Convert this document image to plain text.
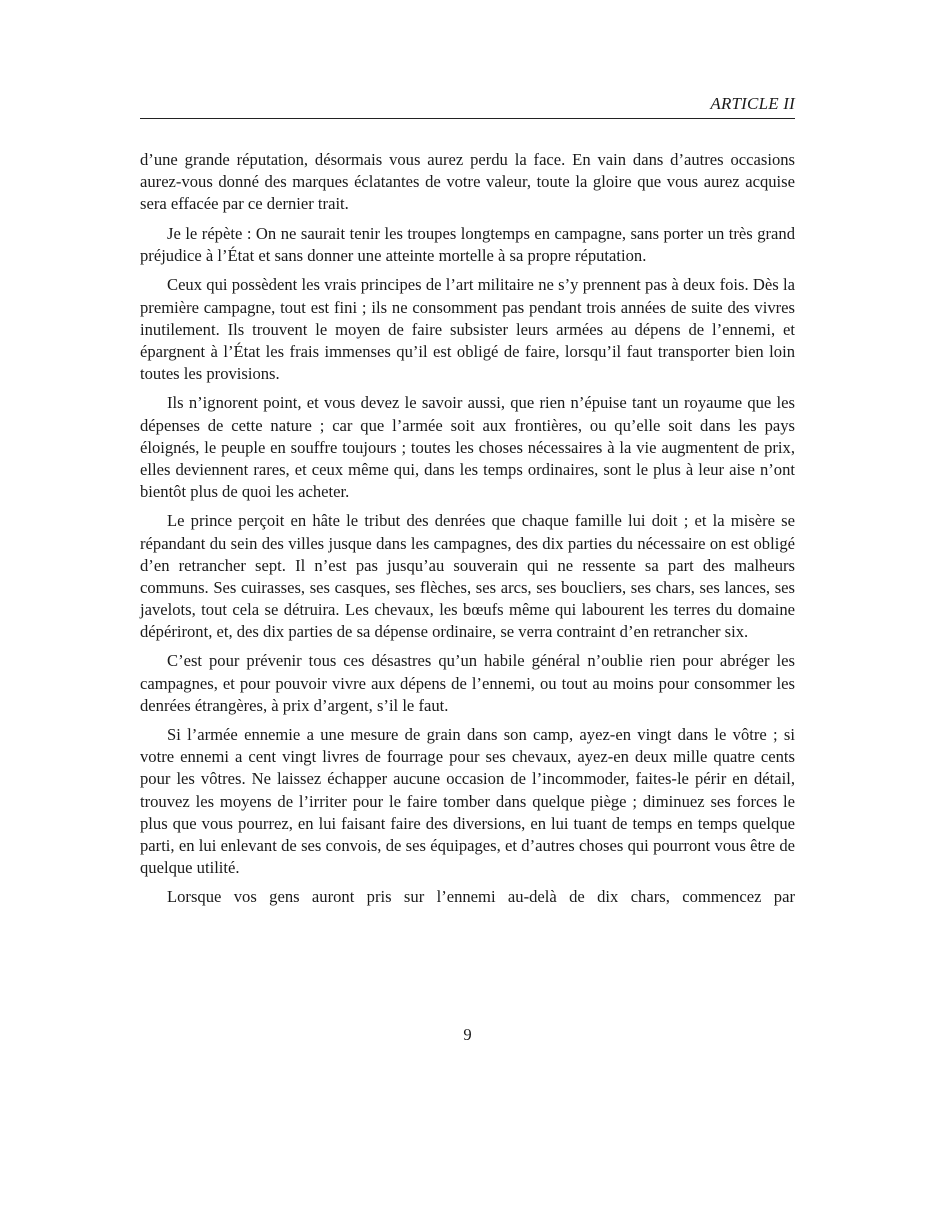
ARTICLE II

d’une grande réputation, désormais vous aurez perdu la face. En vain dans d’autres occasions aurez-vous donné des marques éclatantes de votre valeur, toute la gloire que vous aurez acquise sera effacée par ce dernier trait.

Je le répète : On ne saurait tenir les troupes longtemps en campagne, sans porter un très grand préjudice à l’État et sans donner une atteinte mortelle à sa propre réputation.

Ceux qui possèdent les vrais principes de l’art militaire ne s’y prennent pas à deux fois. Dès la première campagne, tout est fini ; ils ne consomment pas pendant trois années de suite des vivres inutilement. Ils trouvent le moyen de faire subsister leurs armées au dépens de l’ennemi, et épargnent à l’État les frais immenses qu’il est obligé de faire, lorsqu’il faut transporter bien loin toutes les provisions.

Ils n’ignorent point, et vous devez le savoir aussi, que rien n’épuise tant un royaume que les dépenses de cette nature ; car que l’armée soit aux frontières, ou qu’elle soit dans les pays éloignés, le peuple en souffre toujours ; toutes les choses nécessaires à la vie augmentent de prix, elles deviennent rares, et ceux même qui, dans les temps ordinaires, sont le plus à leur aise n’ont bientôt plus de quoi les acheter.

Le prince perçoit en hâte le tribut des denrées que chaque famille lui doit ; et la misère se répandant du sein des villes jusque dans les campagnes, des dix parties du nécessaire on est obligé d’en retrancher sept. Il n’est pas jusqu’au souverain qui ne ressente sa part des malheurs communs. Ses cuirasses, ses casques, ses flèches, ses arcs, ses boucliers, ses chars, ses lances, ses javelots, tout cela se détruira. Les chevaux, les bœufs même qui labourent les terres du domaine dépériront, et, des dix parties de sa dépense ordinaire, se verra contraint d’en retrancher six.

C’est pour prévenir tous ces désastres qu’un habile général n’oublie rien pour abréger les campagnes, et pour pouvoir vivre aux dépens de l’ennemi, ou tout au moins pour consommer les denrées étrangères, à prix d’argent, s’il le faut.

Si l’armée ennemie a une mesure de grain dans son camp, ayez-en vingt dans le vôtre ; si votre ennemi a cent vingt livres de fourrage pour ses chevaux, ayez-en deux mille quatre cents pour les vôtres. Ne laissez échapper aucune occasion de l’incommoder, faites-le périr en détail, trouvez les moyens de l’irriter pour le faire tomber dans quelque piège ; diminuez ses forces le plus que vous pourrez, en lui faisant faire des diversions, en lui tuant de temps en temps quelque parti, en lui enlevant de ses convois, de ses équipages, et d’autres choses qui pourront vous être de quelque utilité.

Lorsque vos gens auront pris sur l’ennemi au-delà de dix chars, commencez par

9
